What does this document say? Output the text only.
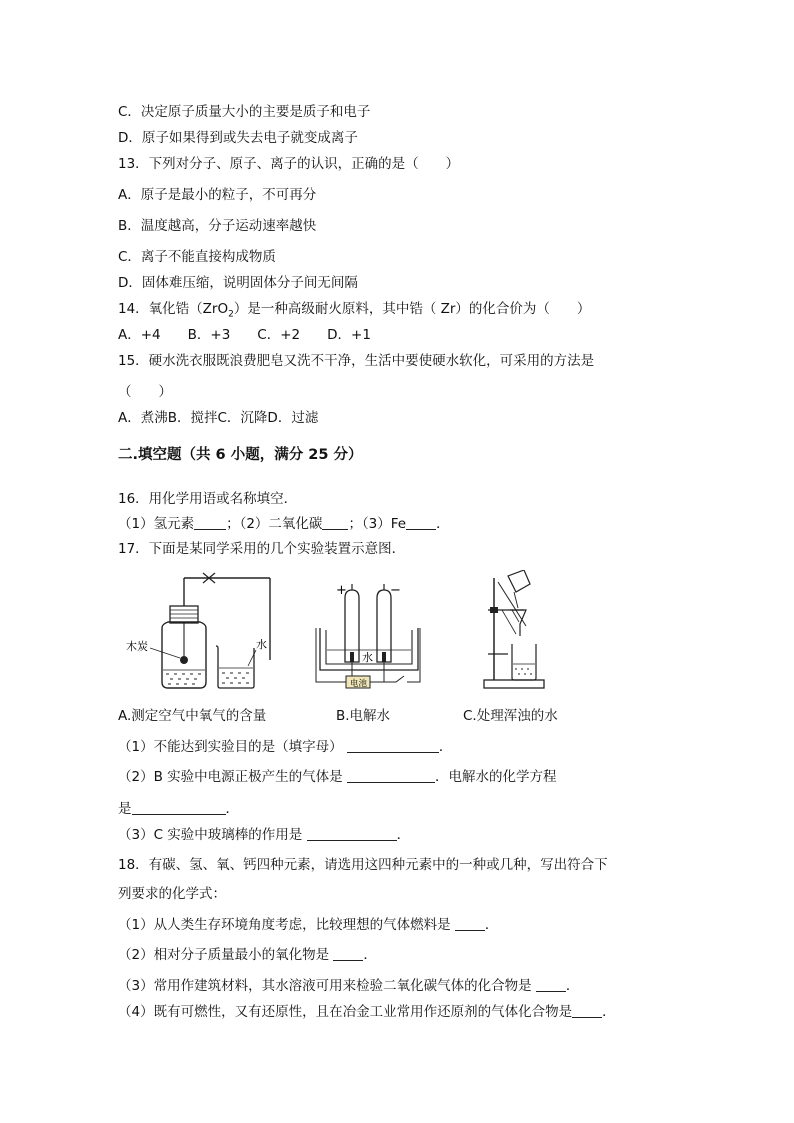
C．决定原子质量大小的主要是质子和电子
D．原子如果得到或失去电子就变成离子
13．下列对分子、原子、离子的认识，正确的是（　　）
A．原子是最小的粒子，不可再分
B．温度越高，分子运动速率越快
C．离子不能直接构成物质
D．固体难压缩，说明固体分子间无间隔
14．氧化锆（ZrO$_2$）是一种高级耐火原料，其中锆（ Zr）的化合价为（　　）
A．+4　　B．+3　　C．+2　　D．+1
15．硬水洗衣服既浪费肥皂又洗不干净，生活中要使硬水软化，可采用的方法是
（　　）
A．煮沸B．搅拌C．沉降D．过滤
二.填空题（共 6 小题，满分 25 分）
16．用化学用语或名称填空．
（1）氢元素 ；（2）二氧化碳 ；（3）Fe ．
17．下面是某同学采用的几个实验装置示意图．
木炭	水
+	−
水
电池
A.测定空气中氧气的含量	B.电解水	C.处理浑浊的水
（1）不能达到实验目的是（填字母）	．
（2）B 实验中电源正极产生的气体是	．电解水的化学方程
是	．
（3）C 实验中玻璃棒的作用是	．
18．有碳、氢、氧、钙四种元素，请选用这四种元素中的一种或几种，写出符合下
列要求的化学式：
（1）从人类生存环境角度考虑，比较理想的气体燃料是	．
（2）相对分子质量最小的氧化物是	．
（3）常用作建筑材料，其水溶液可用来检验二氧化碳气体的化合物是	．
（4）既有可燃性，又有还原性，且在冶金工业常用作还原剂的气体化合物是 ．
